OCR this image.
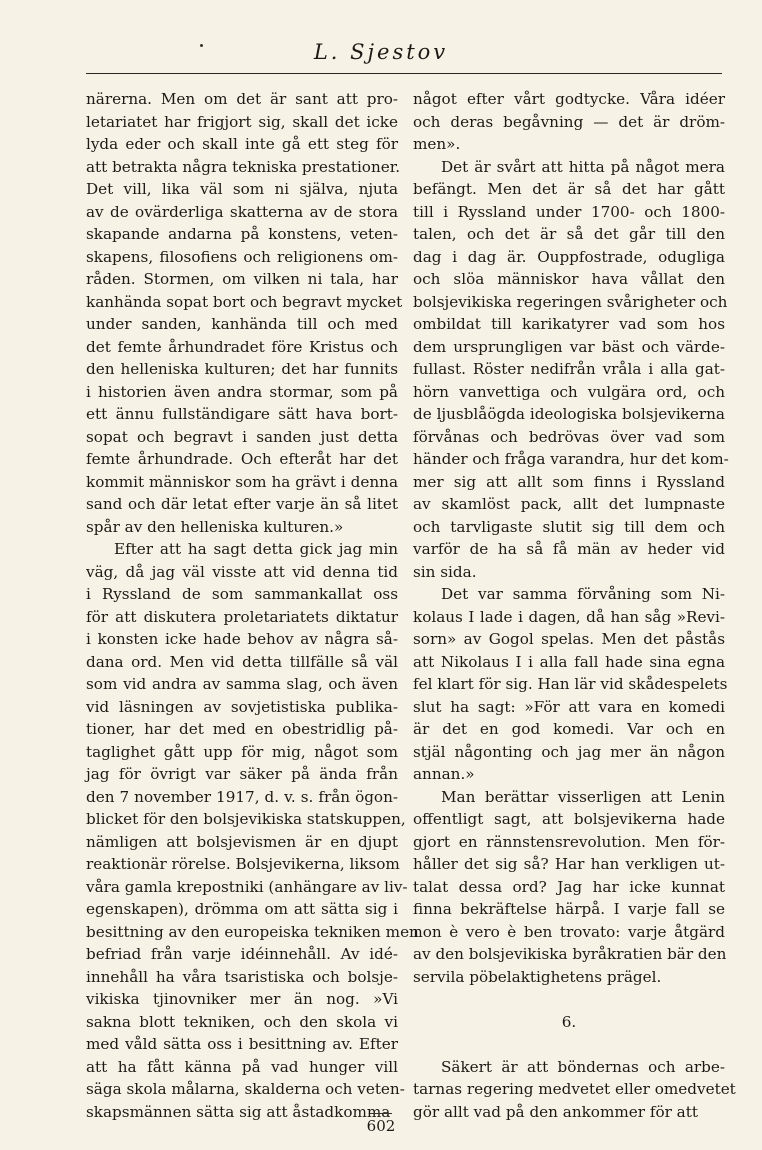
L. Sjestov
närerna. Men om det är sant att pro-
letariatet har frigjort sig, skall det icke
lyda eder och skall inte gå ett steg för
att betrakta några tekniska prestationer.
Det vill, lika väl som ni själva, njuta
av de ovärderliga skatterna av de stora
skapande andarna på konstens, veten-
skapens, filosofiens och religionens om-
råden. Stormen, om vilken ni tala, har
kanhända sopat bort och begravt mycket
under sanden, kanhända till och med
det femte århundradet före Kristus och
den helleniska kulturen; det har funnits
i historien även andra stormar, som på
ett ännu fullständigare sätt hava bort-
sopat och begravt i sanden just detta
femte århundrade. Och efteråt har det
kommit människor som ha grävt i denna
sand och där letat efter varje än så litet
spår av den helleniska kulturen.»
Efter att ha sagt detta gick jag min
väg, då jag väl visste att vid denna tid
i Ryssland de som sammankallat oss
för att diskutera proletariatets diktatur
i konsten icke hade behov av några så-
dana ord. Men vid detta tillfälle så väl
som vid andra av samma slag, och även
vid läsningen av sovjetistiska publika-
tioner, har det med en obestridlig på-
taglighet gått upp för mig, något som
jag för övrigt var säker på ända från
den 7 november 1917, d. v. s. från ögon-
blicket för den bolsjevikiska statskuppen,
nämligen att bolsjevismen är en djupt
reaktionär rörelse. Bolsjevikerna, liksom
våra gamla krepostniki (anhängare av liv-
egenskapen), drömma om att sätta sig i
besittning av den europeiska tekniken men
befriad från varje idéinnehåll. Av idé-
innehåll ha våra tsaristiska och bolsje-
vikiska tjinovniker mer än nog. »Vi
sakna blott tekniken, och den skola vi
med våld sätta oss i besittning av. Efter
att ha fått känna på vad hunger vill
säga skola målarna, skalderna och veten-
skapsmännen sätta sig att åstadkomma
något efter vårt godtycke. Våra idéer
och deras begåvning — det är dröm-
men».
Det är svårt att hitta på något mera
befängt. Men det är så det har gått
till i Ryssland under 1700- och 1800-
talen, och det är så det går till den
dag i dag är. Ouppfostrade, odugliga
och slöa människor hava vållat den
bolsjevikiska regeringen svårigheter och
ombildat till karikatyrer vad som hos
dem ursprungligen var bäst och värde-
fullast. Röster nedifrån vråla i alla gat-
hörn vanvettiga och vulgära ord, och
de ljusblåögda ideologiska bolsjevikerna
förvånas och bedrövas över vad som
händer och fråga varandra, hur det kom-
mer sig att allt som finns i Ryssland
av skamlöst pack, allt det lumpnaste
och tarvligaste slutit sig till dem och
varför de ha så få män av heder vid
sin sida.
Det var samma förvåning som Ni-
kolaus I lade i dagen, då han såg »Revi-
sorn» av Gogol spelas. Men det påstås
att Nikolaus I i alla fall hade sina egna
fel klart för sig. Han lär vid skådespelets
slut ha sagt: »För att vara en komedi
är det en god komedi. Var och en
stjäl någonting och jag mer än någon
annan.»
Man berättar visserligen att Lenin
offentligt sagt, att bolsjevikerna hade
gjort en rännstensrevolution. Men för-
håller det sig så? Har han verkligen ut-
talat dessa ord? Jag har icke kunnat
finna bekräftelse härpå. I varje fall se
non è vero è ben trovato: varje åtgärd
av den bolsjevikiska byråkratien bär den
servila pöbelaktighetens prägel.
6.
Säkert är att böndernas och arbe-
tarnas regering medvetet eller omedvetet
gör allt vad på den ankommer för att
602
